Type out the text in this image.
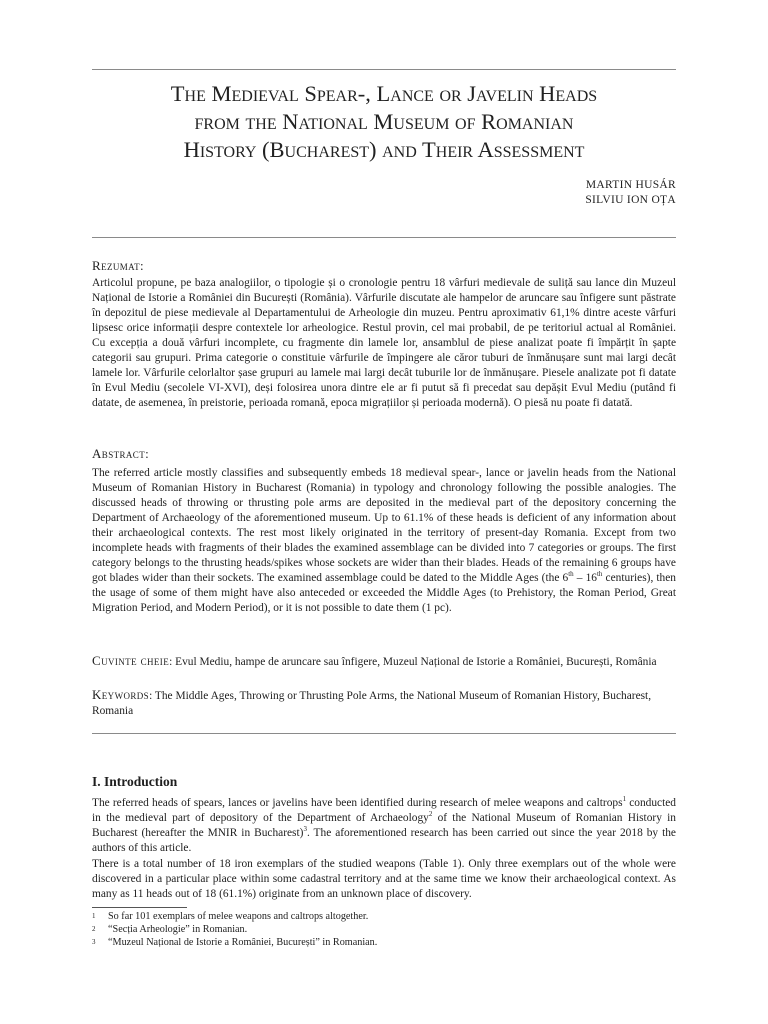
The Medieval Spear-, Lance or Javelin Heads
from the National Museum of Romanian
History (Bucharest) and Their Assessment
MARTIN HUSÁR
SILVIU ION OȚA
Rezumat:

Articolul propune, pe baza analogiilor, o tipologie și o cronologie pentru 18 vârfuri medievale de suliță sau lance din Muzeul Național de Istorie a României din București (România). Vârfurile discutate ale hampelor de aruncare sau înfigere sunt păstrate în depozitul de piese medievale al Departamentului de Arheologie din muzeu. Pentru aproximativ 61,1% dintre aceste vârfuri lipsesc orice informații despre contextele lor arheologice. Restul provin, cel mai probabil, de pe teritoriul actual al României. Cu excepția a două vârfuri incomplete, cu fragmente din lamele lor, ansamblul de piese analizat poate fi împărțit în șapte categorii sau grupuri. Prima categorie o constituie vârfurile de împingere ale căror tuburi de înmănușare sunt mai largi decât lamele lor. Vârfurile celorlaltor șase grupuri au lamele mai largi decât tuburile lor de înmănușare. Piesele analizate pot fi datate în Evul Mediu (secolele VI-XVI), deși folosirea unora dintre ele ar fi putut să fi precedat sau depășit Evul Mediu (putând fi datate, de asemenea, în preistorie, perioada romană, epoca migrațiilor și perioada modernă). O piesă nu poate fi datată.

Abstract:

The referred article mostly classifies and subsequently embeds 18 medieval spear-, lance or javelin heads from the National Museum of Romanian History in Bucharest (Romania) in typology and chronology following the possible analogies. The discussed heads of throwing or thrusting pole arms are deposited in the medieval part of the depository concerning the Department of Archaeology of the aforementioned museum. Up to 61.1% of these heads is deficient of any information about their archaeological contexts. The rest most likely originated in the territory of present-day Romania. Except from two incomplete heads with fragments of their blades the examined assemblage can be divided into 7 categories or groups. The first category belongs to the thrusting heads/spikes whose sockets are wider than their blades. Heads of the remaining 6 groups have got blades wider than their sockets. The examined assemblage could be dated to the Middle Ages (the 6th – 16th centuries), then the usage of some of them might have also anteceded or exceeded the Middle Ages (to Prehistory, the Roman Period, Great Migration Period, and Modern Period), or it is not possible to date them (1 pc).

Cuvinte cheie: Evul Mediu, hampe de aruncare sau înfigere, Muzeul Național de Istorie a României, București, România

Keywords: The Middle Ages, Throwing or Thrusting Pole Arms, the National Museum of Romanian History, Bucharest, Romania

I. Introduction

The referred heads of spears, lances or javelins have been identified during research of melee weapons and caltrops$^1$ conducted in the medieval part of depository of the Department of Archaeology$^2$ of the National Museum of Romanian History in Bucharest (hereafter the MNIR in Bucharest)$^3$. The aforementioned research has been carried out since the year 2018 by the authors of this article.

There is a total number of 18 iron exemplars of the studied weapons (Table 1). Only three exemplars out of the whole were discovered in a particular place within some cadastral territory and at the same time we know their archaeological context. As many as 11 heads out of 18 (61.1%) originate from an unknown place of discovery.

1	So far 101 exemplars of melee weapons and caltrops altogether.
2	“Secția Arheologie” in Romanian.
3	“Muzeul Național de Istorie a României, București” in Romanian.
